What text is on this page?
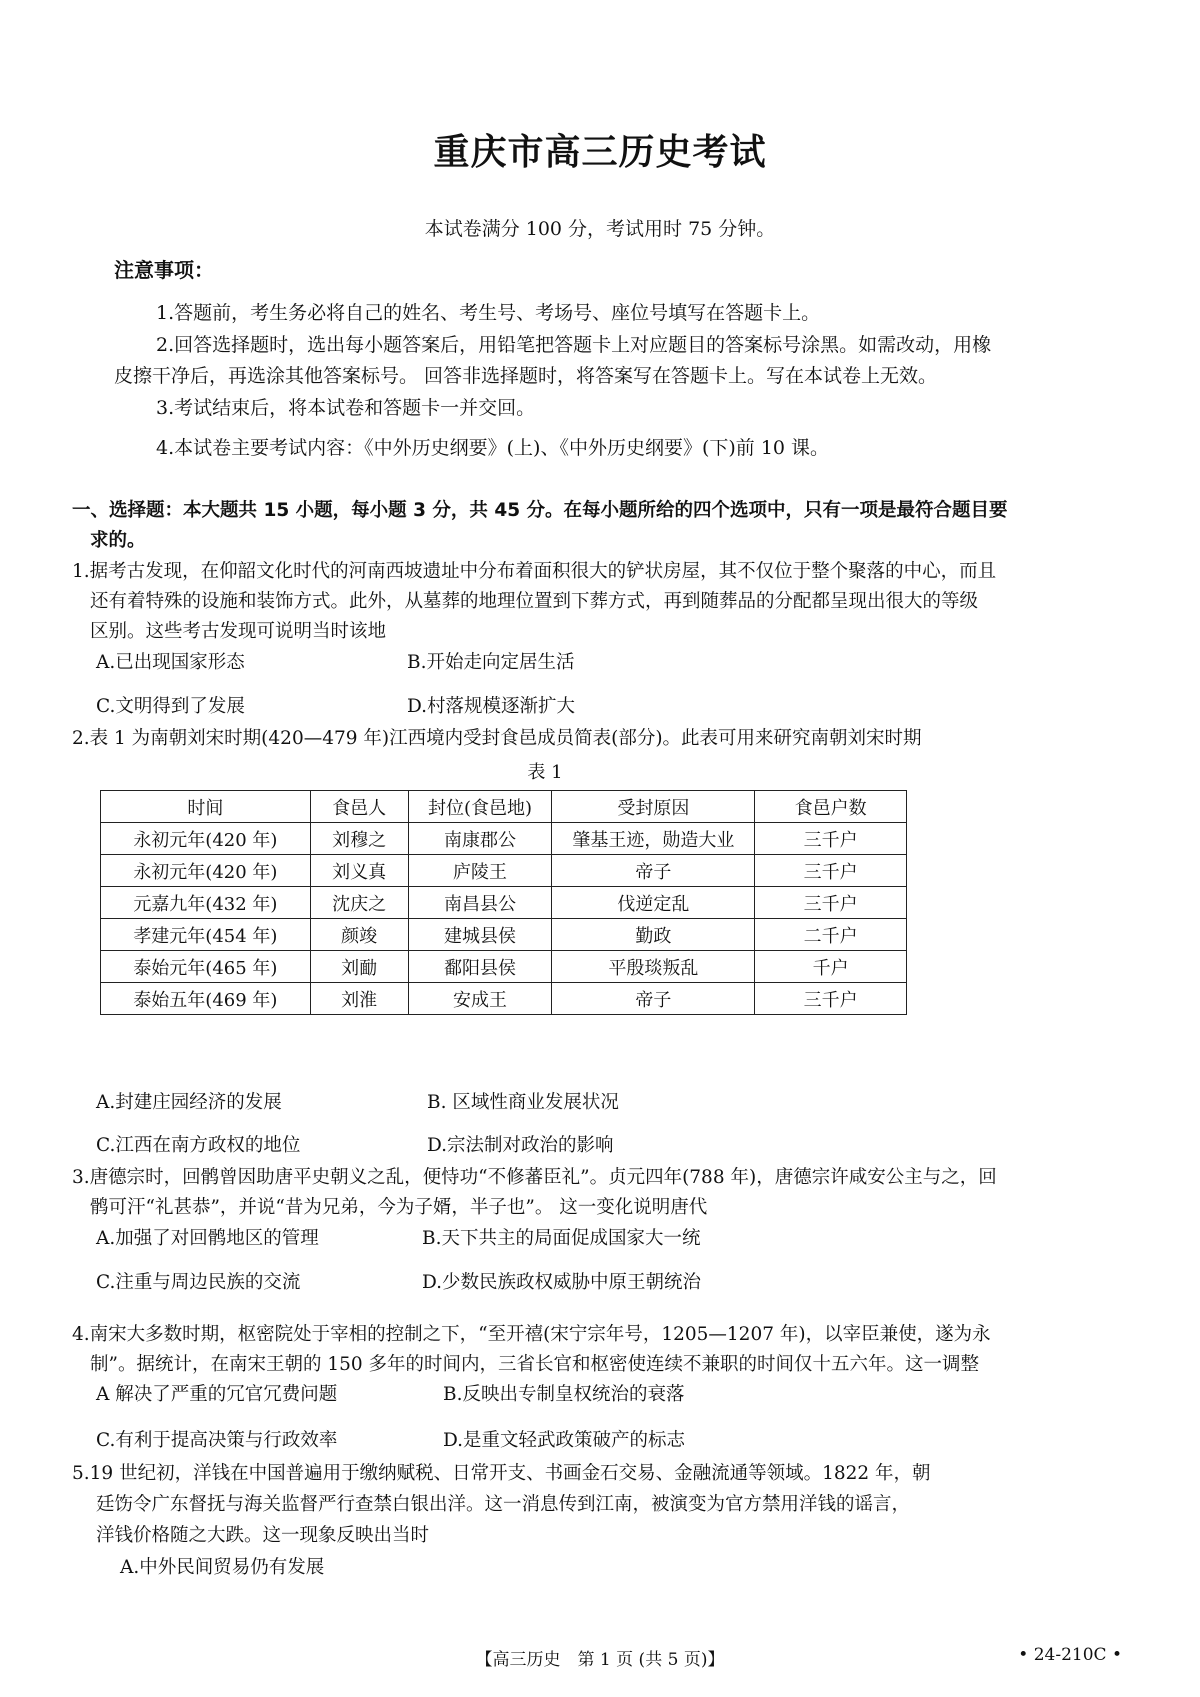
重庆市高三历史考试
本试卷满分 100 分，考试用时 75 分钟。
注意事项：
1.答题前，考生务必将自己的姓名、考生号、考场号、座位号填写在答题卡上。
2.回答选择题时，选出每小题答案后，用铅笔把答题卡上对应题目的答案标号涂黑。如需改动，用橡
皮擦干净后，再选涂其他答案标号。 回答非选择题时，将答案写在答题卡上。写在本试卷上无效。
3.考试结束后，将本试卷和答题卡一并交回。
4.本试卷主要考试内容：《中外历史纲要》(上)、《中外历史纲要》(下)前 10 课。
一、选择题：本大题共 15 小题，每小题 3 分，共 45 分。在每小题所给的四个选项中，只有一项是最符合题目要
求的。
1.据考古发现，在仰韶文化时代的河南西坡遗址中分布着面积很大的铲状房屋，其不仅位于整个聚落的中心，而且
还有着特殊的设施和装饰方式。此外，从墓葬的地理位置到下葬方式，再到随葬品的分配都呈现出很大的等级
区别。这些考古发现可说明当时该地
A.已出现国家形态	B.开始走向定居生活
C.文明得到了发展	D.村落规模逐渐扩大
2.表 1 为南朝刘宋时期(420—479 年)江西境内受封食邑成员简表(部分)。此表可用来研究南朝刘宋时期
表 1
时间	食邑人	封位(食邑地)	受封原因	食邑户数
永初元年(420 年)	刘穆之	南康郡公	肇基王迹，勋造大业	三千户
永初元年(420 年)	刘义真	庐陵王	帝子	三千户
元嘉九年(432 年)	沈庆之	南昌县公	伐逆定乱	三千户
孝建元年(454 年)	颜竣	建城县侯	勤政	二千户
泰始元年(465 年)	刘勔	鄱阳县侯	平殷琰叛乱	千户
泰始五年(469 年)	刘淮	安成王	帝子	三千户
A.封建庄园经济的发展	B. 区域性商业发展状况
C.江西在南方政权的地位	D.宗法制对政治的影响
3.唐德宗时，回鹘曾因助唐平史朝义之乱，便恃功“不修蕃臣礼”。贞元四年(788 年)，唐德宗许咸安公主与之，回
鹘可汗“礼甚恭”，并说“昔为兄弟，今为子婿，半子也”。 这一变化说明唐代
A.加强了对回鹘地区的管理	B.天下共主的局面促成国家大一统
C.注重与周边民族的交流	D.少数民族政权威胁中原王朝统治
4.南宋大多数时期，枢密院处于宰相的控制之下，“至开禧(宋宁宗年号，1205—1207 年)，以宰臣兼使，遂为永
制”。据统计，在南宋王朝的 150 多年的时间内，三省长官和枢密使连续不兼职的时间仅十五六年。这一调整
A 解决了严重的冗官冗费问题	B.反映出专制皇权统治的衰落
C.有利于提高决策与行政效率	D.是重文轻武政策破产的标志
5.19 世纪初，洋钱在中国普遍用于缴纳赋税、日常开支、书画金石交易、金融流通等领域。1822 年，朝
廷饬令广东督抚与海关监督严行查禁白银出洋。这一消息传到江南，被演变为官方禁用洋钱的谣言，
洋钱价格随之大跌。这一现象反映出当时
A.中外民间贸易仍有发展
【高三历史　第 1 页 (共 5 页)】	• 24-210C •
